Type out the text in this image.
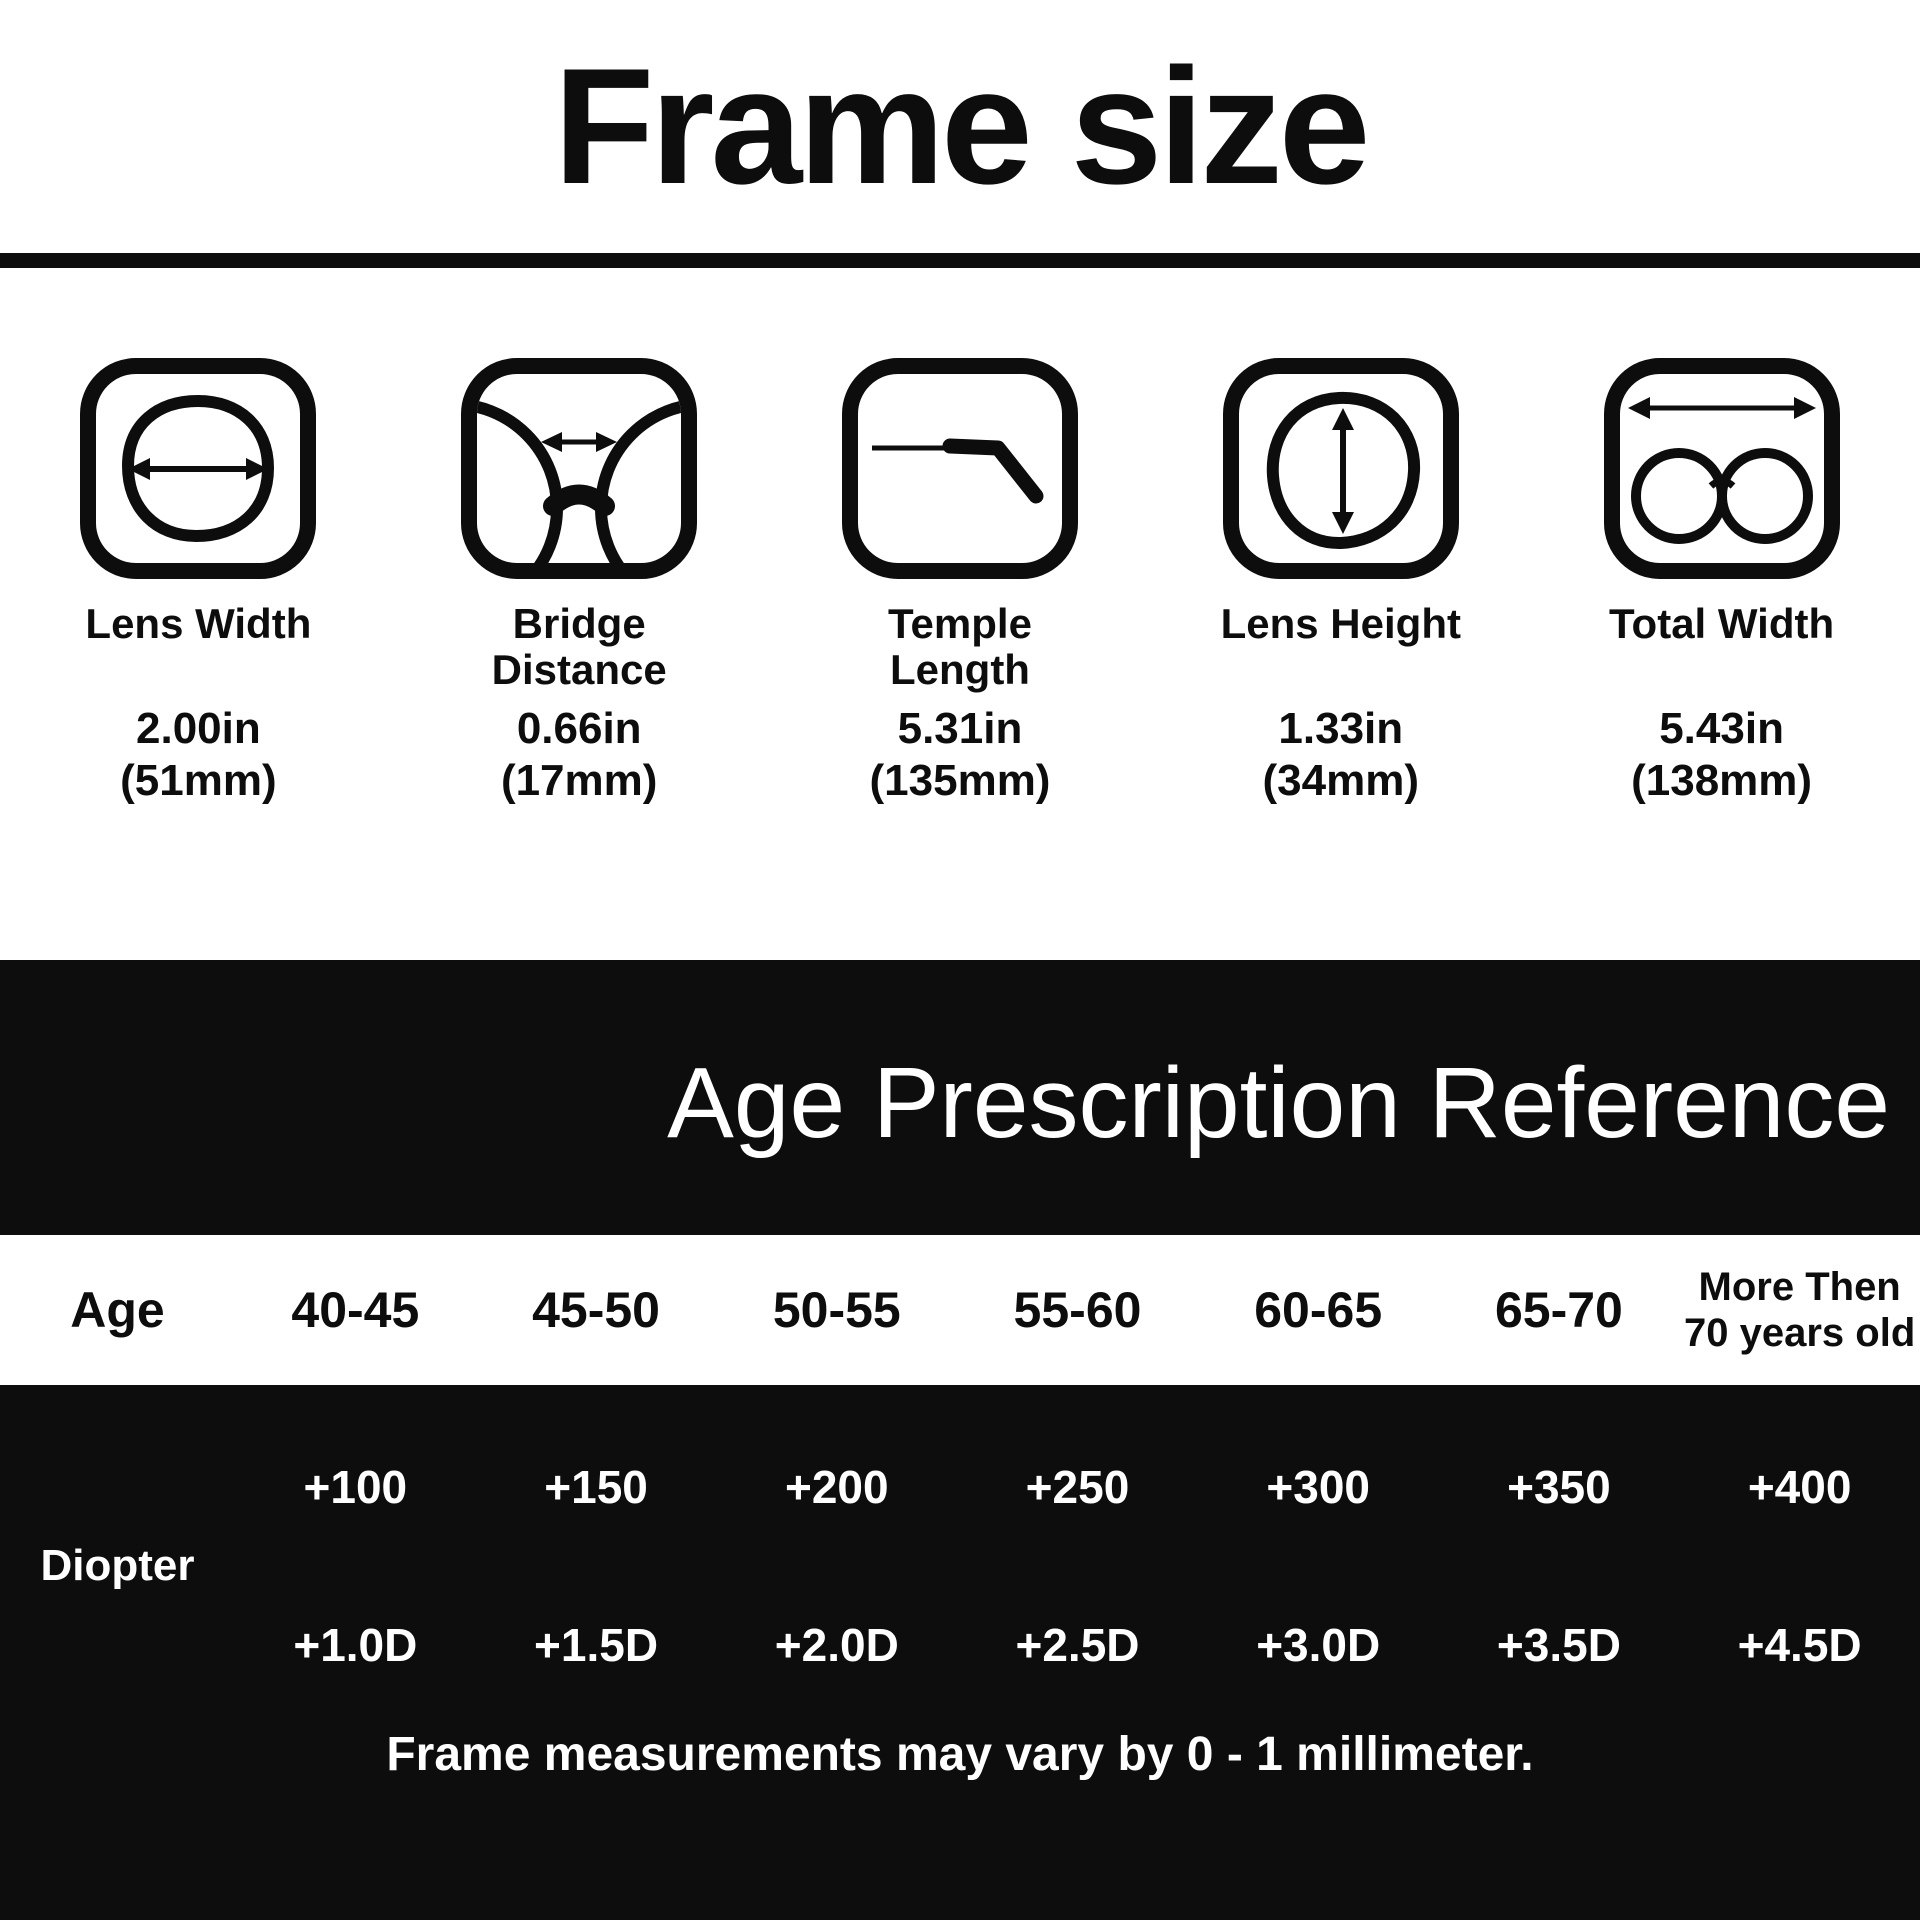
Frame size
Lens Width
2.00in
(51mm)
Bridge Distance
0.66in
(17mm)
Temple Length
5.31in
(135mm)
Lens Height
1.33in
(34mm)
Total Width
5.43in
(138mm)
Age Prescription Reference
Age	40-45	45-50	50-55	55-60	60-65	65-70	More Then
70 years old
Diopter
+100	+150	+200	+250	+300	+350	+400
+1.0D	+1.5D	+2.0D	+2.5D	+3.0D	+3.5D	+4.5D
Frame measurements may vary by 0 - 1 millimeter.
